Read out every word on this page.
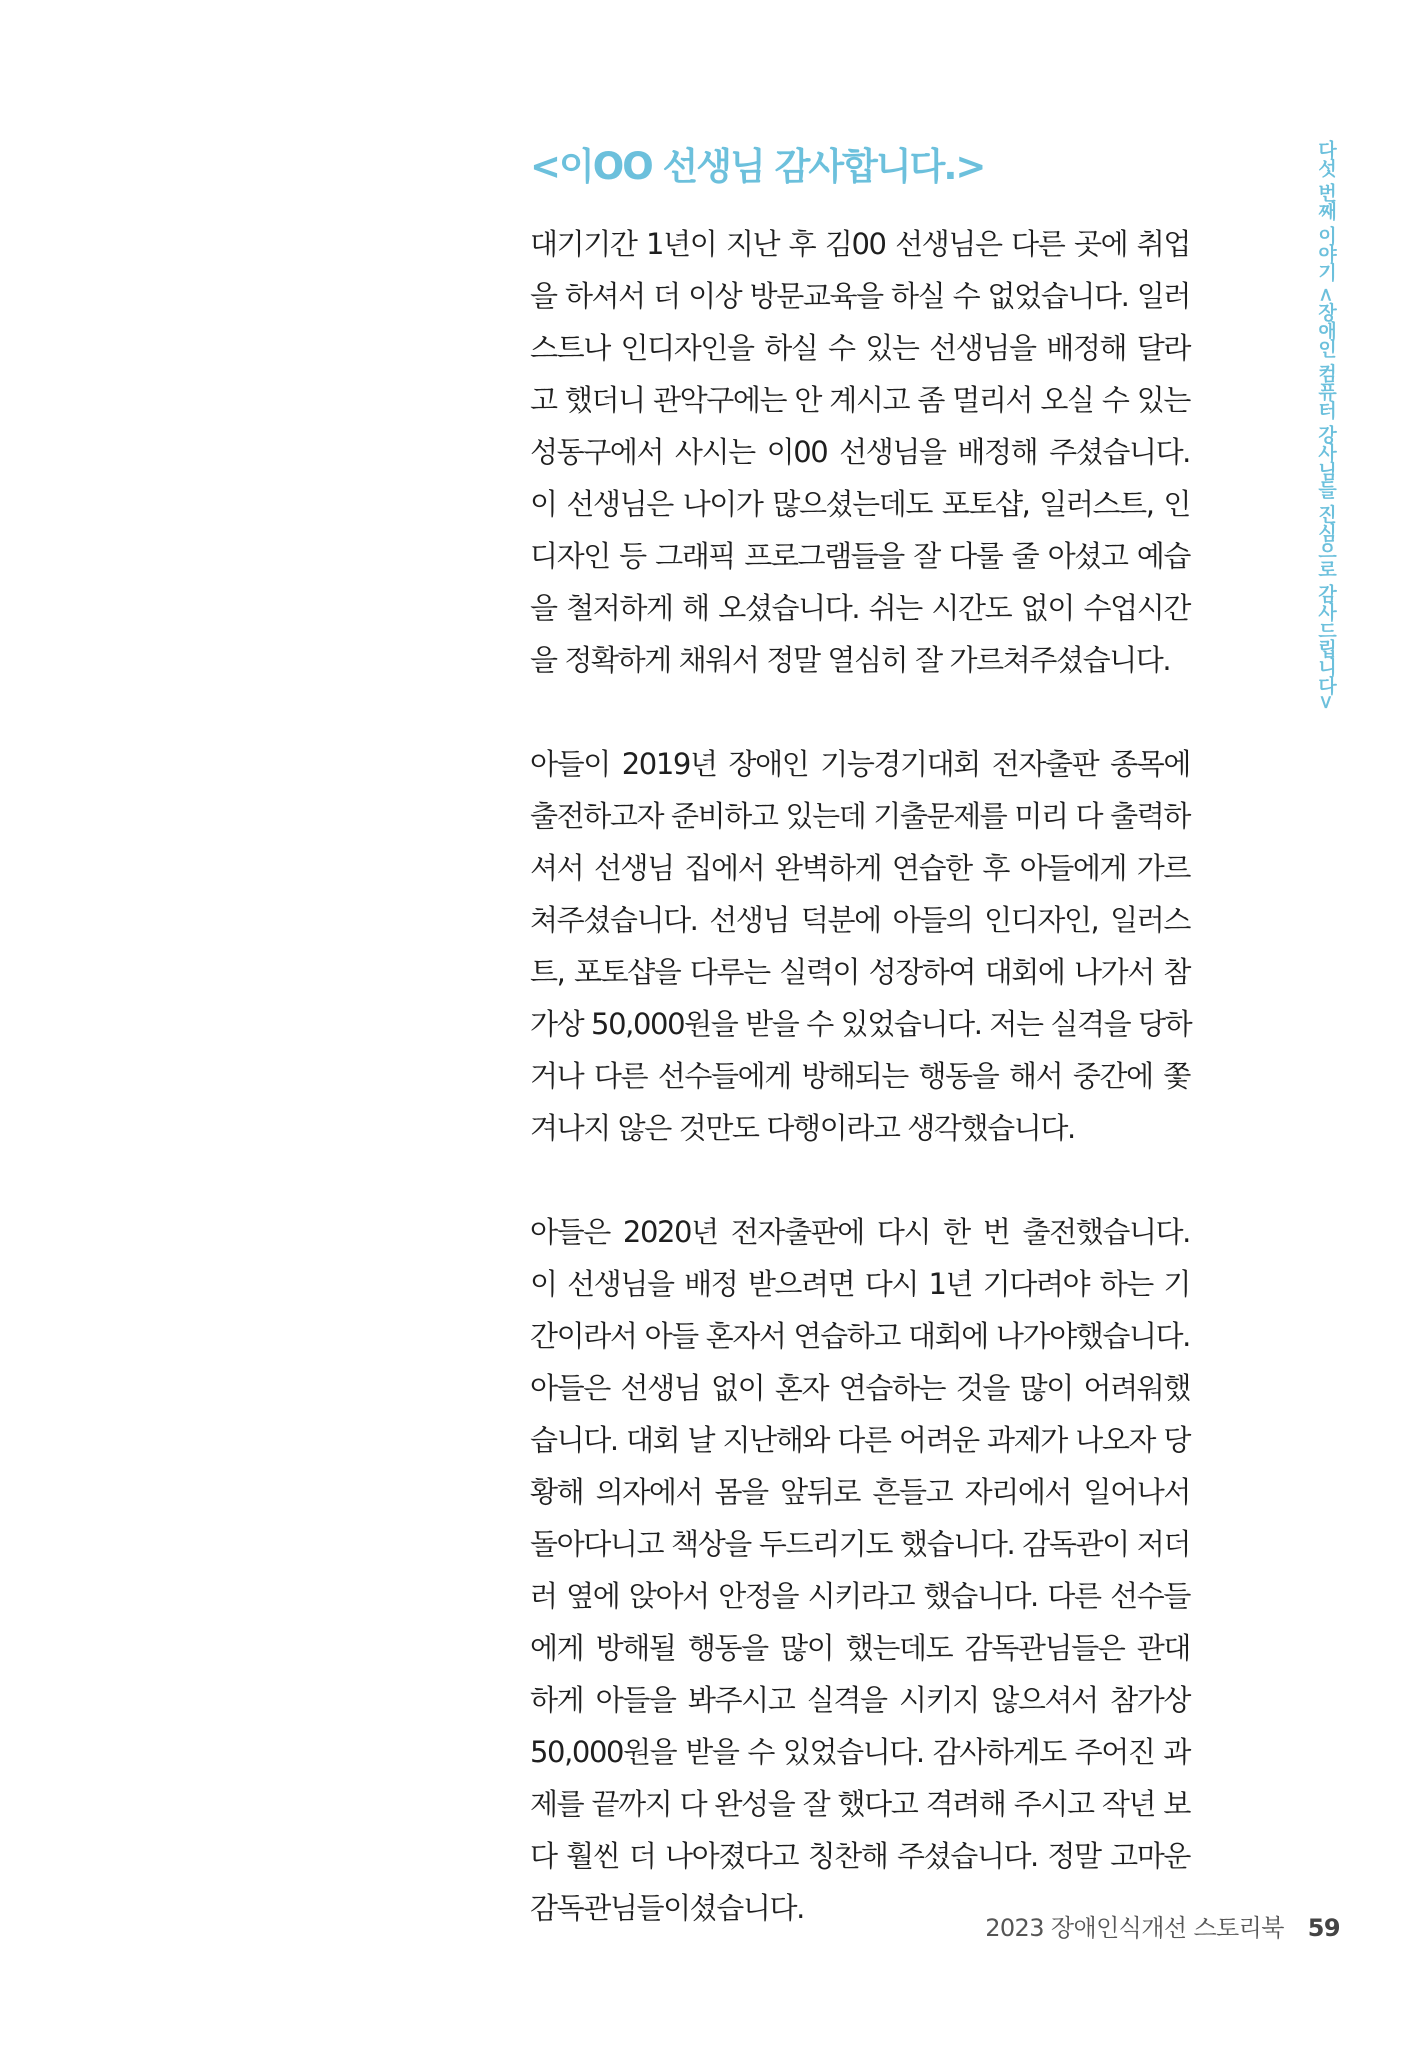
<이OO 선생님 감사합니다.>
대기기간 1년이 지난 후 김00 선생님은 다른 곳에 취업
을 하셔서 더 이상 방문교육을 하실 수 없었습니다. 일러
스트나 인디자인을 하실 수 있는 선생님을 배정해 달라
고 했더니 관악구에는 안 계시고 좀 멀리서 오실 수 있는
성동구에서 사시는 이00 선생님을 배정해 주셨습니다.
이 선생님은 나이가 많으셨는데도 포토샵, 일러스트, 인
디자인 등 그래픽 프로그램들을 잘 다룰 줄 아셨고 예습
을 철저하게 해 오셨습니다. 쉬는 시간도 없이 수업시간
을 정확하게 채워서 정말 열심히 잘 가르쳐주셨습니다.
아들이 2019년 장애인 기능경기대회 전자출판 종목에
출전하고자 준비하고 있는데 기출문제를 미리 다 출력하
셔서 선생님 집에서 완벽하게 연습한 후 아들에게 가르
쳐주셨습니다. 선생님 덕분에 아들의 인디자인, 일러스
트, 포토샵을 다루는 실력이 성장하여 대회에 나가서 참
가상 50,000원을 받을 수 있었습니다. 저는 실격을 당하
거나 다른 선수들에게 방해되는 행동을 해서 중간에 쫓
겨나지 않은 것만도 다행이라고 생각했습니다.
아들은 2020년 전자출판에 다시 한 번 출전했습니다.
이 선생님을 배정 받으려면 다시 1년 기다려야 하는 기
간이라서 아들 혼자서 연습하고 대회에 나가야했습니다.
아들은 선생님 없이 혼자 연습하는 것을 많이 어려워했
습니다. 대회 날 지난해와 다른 어려운 과제가 나오자 당
황해 의자에서 몸을 앞뒤로 흔들고 자리에서 일어나서
돌아다니고 책상을 두드리기도 했습니다. 감독관이 저더
러 옆에 앉아서 안정을 시키라고 했습니다. 다른 선수들
에게 방해될 행동을 많이 했는데도 감독관님들은 관대
하게 아들을 봐주시고 실격을 시키지 않으셔서 참가상
50,000원을 받을 수 있었습니다. 감사하게도 주어진 과
제를 끝까지 다 완성을 잘 했다고 격려해 주시고 작년 보
다 훨씬 더 나아졌다고 칭찬해 주셨습니다. 정말 고마운
감독관님들이셨습니다.
다섯 번째 이야기 <장애인 컴퓨터 강사님들 진심으로 감사드립니다>
2023 장애인식개선 스토리북 59
